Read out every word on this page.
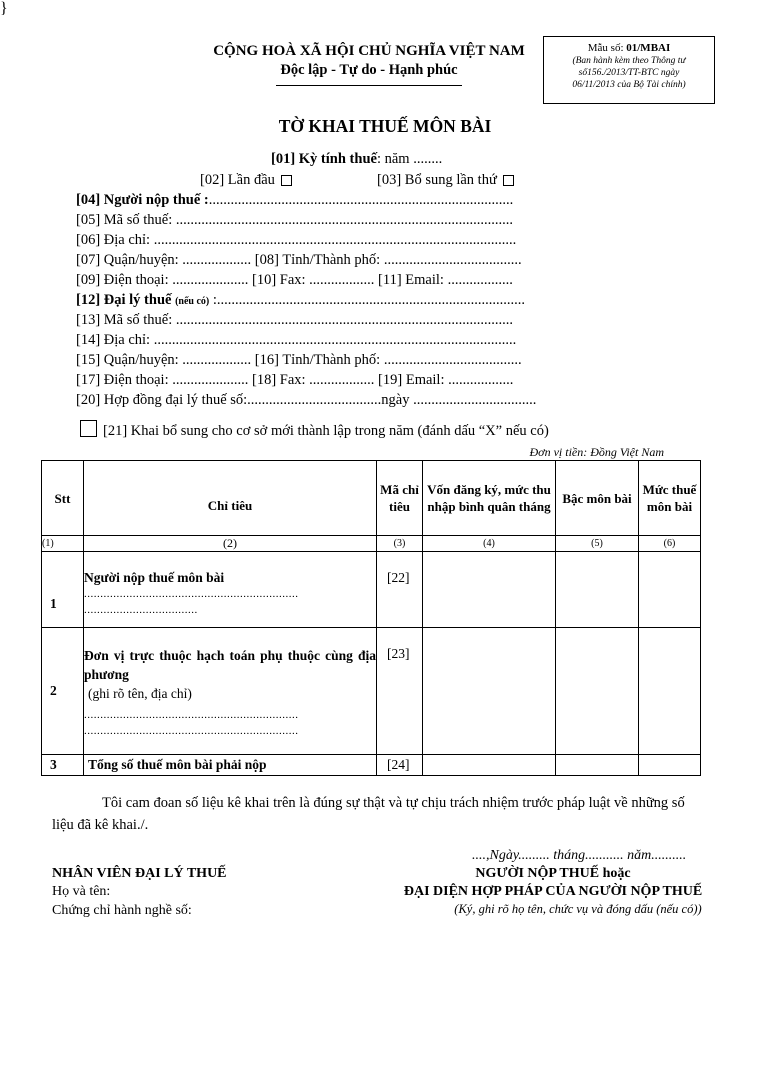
CỘNG HOÀ XÃ HỘI CHỦ NGHĨA VIỆT NAM
Độc lập - Tự do - Hạnh phúc
Mẫu số: 01/MBAI
(Ban hành kèm theo Thông tư
số156./2013/TT-BTC ngày
06/11/2013 của Bộ Tài chính)
TỜ KHAI THUẾ MÔN BÀI
[01] Kỳ tính thuế: năm ........
[02] Lần đầu	[03] Bổ sung lần thứ
[04] Người nộp thuế :....................................................................................
[05] Mã số thuế: .............................................................................................
[06] Địa chỉ: ....................................................................................................
[07] Quận/huyện: ................... [08] Tỉnh/Thành phố: ......................................
[09] Điện thoại: ..................... [10] Fax: .................. [11] Email: ..................
[12] Đại lý thuế (nếu có) :.....................................................................................
[13] Mã số thuế: .............................................................................................
[14] Địa chỉ: ....................................................................................................
[15] Quận/huyện: ................... [16] Tỉnh/Thành phố: ......................................
[17] Điện thoại: ..................... [18] Fax: .................. [19] Email: ..................
[20] Hợp đồng đại lý thuế số:.....................................ngày ..................................
[21] Khai bổ sung cho cơ sở mới thành lập trong năm (đánh dấu “X” nếu có)
Đơn vị tiền: Đồng Việt Nam
}
Stt	Chỉ tiêu	Mã chỉ tiêu	Vốn đăng ký, mức thu nhập bình quân tháng	Bậc môn bài	Mức thuế môn bài
(1)	(2)	(3)	(4)	(5)	(6)
1	Người nộp thuế môn bài
..................................................................
...................................	[22]			
2	Đơn vị trực thuộc hạch toán phụ thuộc cùng địa phương
(ghi rõ tên, địa chỉ)
..................................................................
..................................................................	[23]			
3	Tổng số thuế môn bài phải nộp	[24]			
Tôi cam đoan số liệu kê khai trên là đúng sự thật và tự chịu trách nhiệm trước pháp luật về những số liệu đã kê khai./.
....,Ngày......... tháng........... năm..........
NHÂN VIÊN ĐẠI LÝ THUẾ
Họ và tên:
Chứng chỉ hành nghề số:
NGƯỜI NỘP THUẾ hoặc
ĐẠI DIỆN HỢP PHÁP CỦA NGƯỜI NỘP THUẾ
(Ký, ghi rõ họ tên, chức vụ và đóng dấu (nếu có))
